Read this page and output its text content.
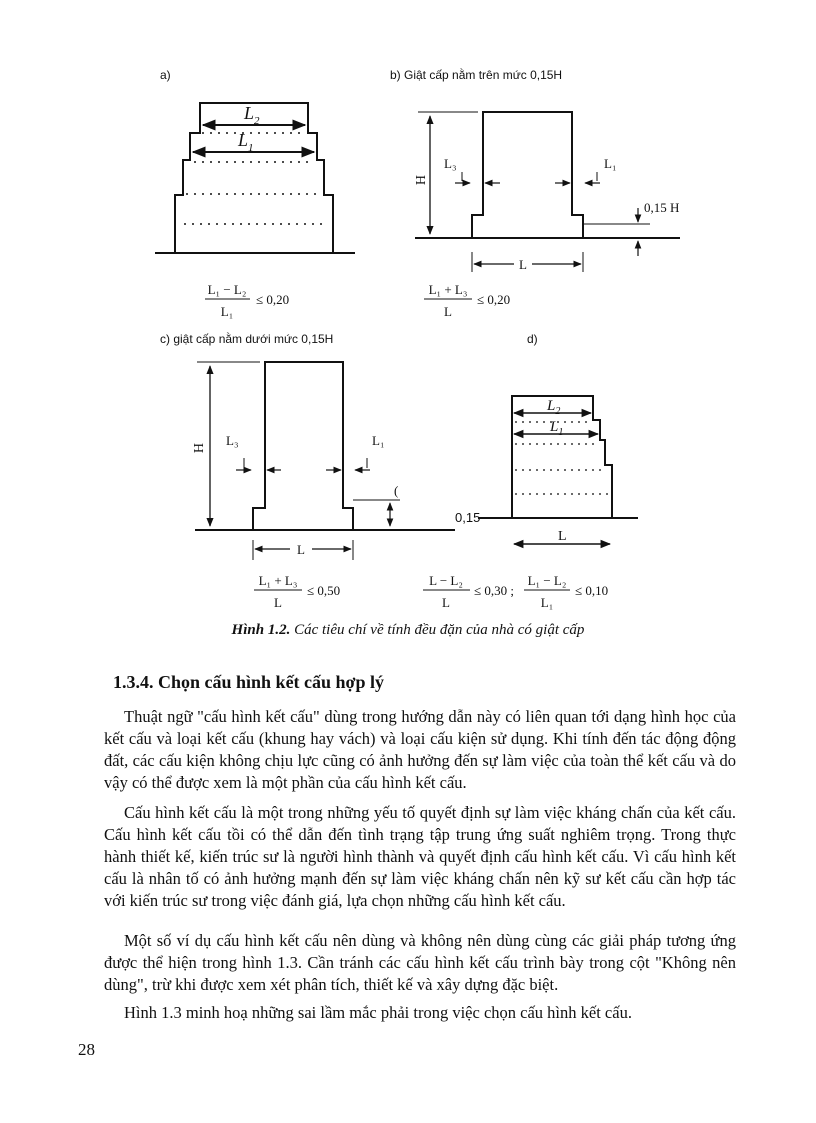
a)
$L_2$
$L_1$
L₁ − L₂
L₁
≤ 0,20
b) Giật cấp nằm trên mức 0,15H
H
L₃	L₁
0,15 H
L
L₁ + L₃
L
≤ 0,20
c) giật cấp nằm dưới mức 0,15H
H L₃	L₁
(
L
L₁ + L₃
L
≤ 0,50
d)
$L_2$
$L_1$
0,15
L
L − L₂
L
≤ 0,30 ;
L₁ − L₂
L₁
≤ 0,10
Hình 1.2. Các tiêu chí về tính đều đặn của nhà có giật cấp
1.3.4. Chọn cấu hình kết cấu hợp lý

Thuật ngữ "cấu hình kết cấu" dùng trong hướng dẫn này có liên quan tới dạng hình học của kết cấu và loại kết cấu (khung hay vách) và loại cấu kiện sử dụng. Khi tính đến tác động động đất, các cấu kiện không chịu lực cũng có ảnh hưởng đến sự làm việc của toàn thể kết cấu và do vậy có thể được xem là một phần của cấu hình kết cấu.

Cấu hình kết cấu là một trong những yếu tố quyết định sự làm việc kháng chấn của kết cấu. Cấu hình kết cấu tồi có thể dẫn đến tình trạng tập trung ứng suất nghiêm trọng. Trong thực hành thiết kế, kiến trúc sư là người hình thành và quyết định cấu hình kết cấu. Vì cấu hình kết cấu là nhân tố có ảnh hưởng mạnh đến sự làm việc kháng chấn nên kỹ sư kết cấu cần hợp tác với kiến trúc sư trong việc đánh giá, lựa chọn những cấu hình kết cấu.

Một số ví dụ cấu hình kết cấu nên dùng và không nên dùng cùng các giải pháp tương ứng được thể hiện trong hình 1.3. Cần tránh các cấu hình kết cấu trình bày trong cột "Không nên dùng", trừ khi được xem xét phân tích, thiết kế và xây dựng đặc biệt.

Hình 1.3 minh hoạ những sai lầm mắc phải trong việc chọn cấu hình kết cấu.

28
